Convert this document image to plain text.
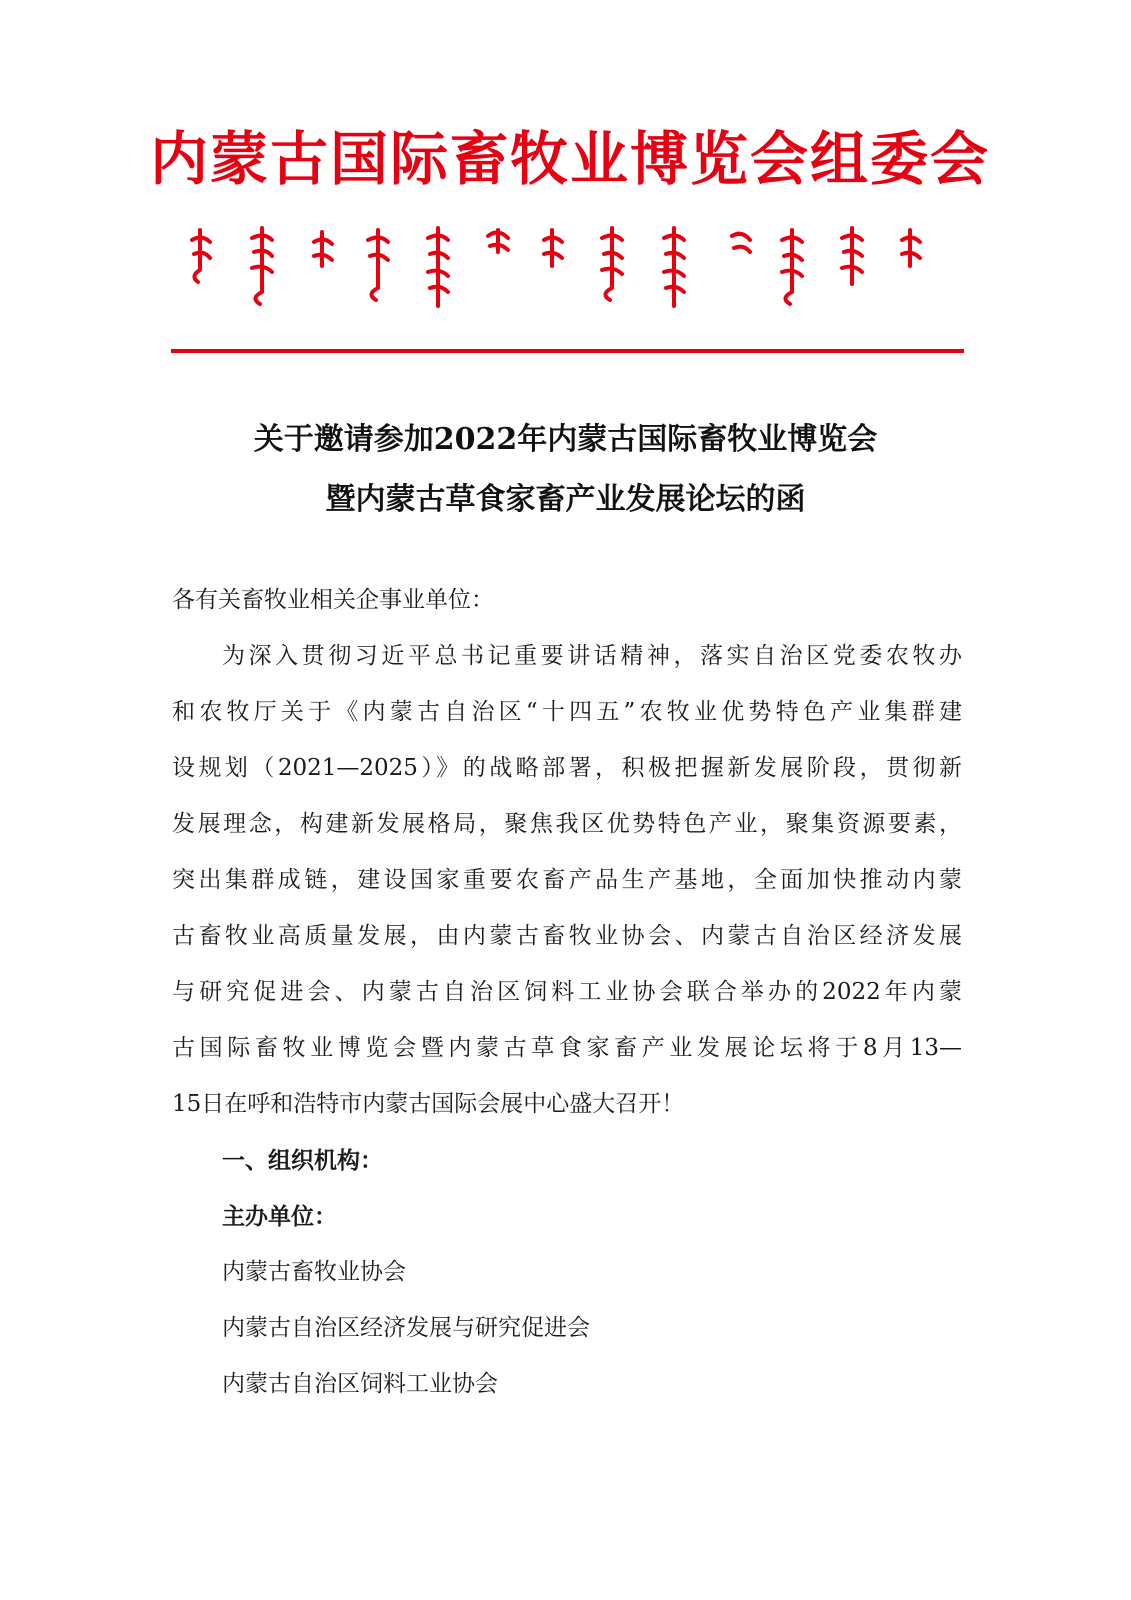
内蒙古国际畜牧业博览会组委会
关于邀请参加2022年内蒙古国际畜牧业博览会
暨内蒙古草食家畜产业发展论坛的函
各有关畜牧业相关企事业单位：
为深入贯彻习近平总书记重要讲话精神，落实自治区党委农牧办
和农牧厅关于《内蒙古自治区“十四五”农牧业优势特色产业集群建
设规划（2021—2025）》的战略部署，积极把握新发展阶段，贯彻新
发展理念，构建新发展格局，聚焦我区优势特色产业，聚集资源要素，
突出集群成链，建设国家重要农畜产品生产基地，全面加快推动内蒙
古畜牧业高质量发展，由内蒙古畜牧业协会、内蒙古自治区经济发展
与研究促进会、内蒙古自治区饲料工业协会联合举办的2022年内蒙
古国际畜牧业博览会暨内蒙古草食家畜产业发展论坛将于8月13—
15日在呼和浩特市内蒙古国际会展中心盛大召开！
一、组织机构：
主办单位：
内蒙古畜牧业协会
内蒙古自治区经济发展与研究促进会
内蒙古自治区饲料工业协会
